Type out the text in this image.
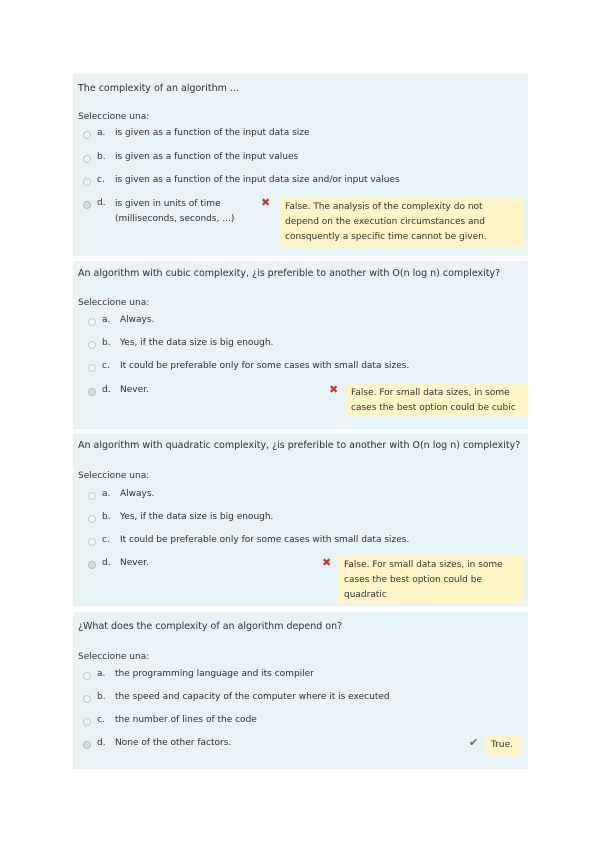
The complexity of an algorithm ...
Seleccione una:
a. is given as a function of the input data size
b. is given as a function of the input values
c. is given as a function of the input data size and/or input values
d. is given in units of time (milliseconds, seconds, ...)
✖	False. The analysis of the complexity do not depend on the execution circumstances and consquently a specific time cannot be given.
An algorithm with cubic complexity, ¿is preferible to another with O(n log n) complexity?
Seleccione una:
a. Always.
b. Yes, if the data size is big enough.
c. It could be preferable only for some cases with small data sizes.
d. Never.	✖	False. For small data sizes, in some cases the best option could be cubic
An algorithm with quadratic complexity, ¿is preferible to another with O(n log n) complexity?
Seleccione una:
a. Always.
b. Yes, if the data size is big enough.
c. It could be preferable only for some cases with small data sizes.
d. Never.	✖	False. For small data sizes, in some cases the best option could be quadratic
¿What does the complexity of an algorithm depend on?
Seleccione una:
a. the programming language and its compiler
b. the speed and capacity of the computer where it is executed
c. the number of lines of the code
d. None of the other factors.	✔	True.
